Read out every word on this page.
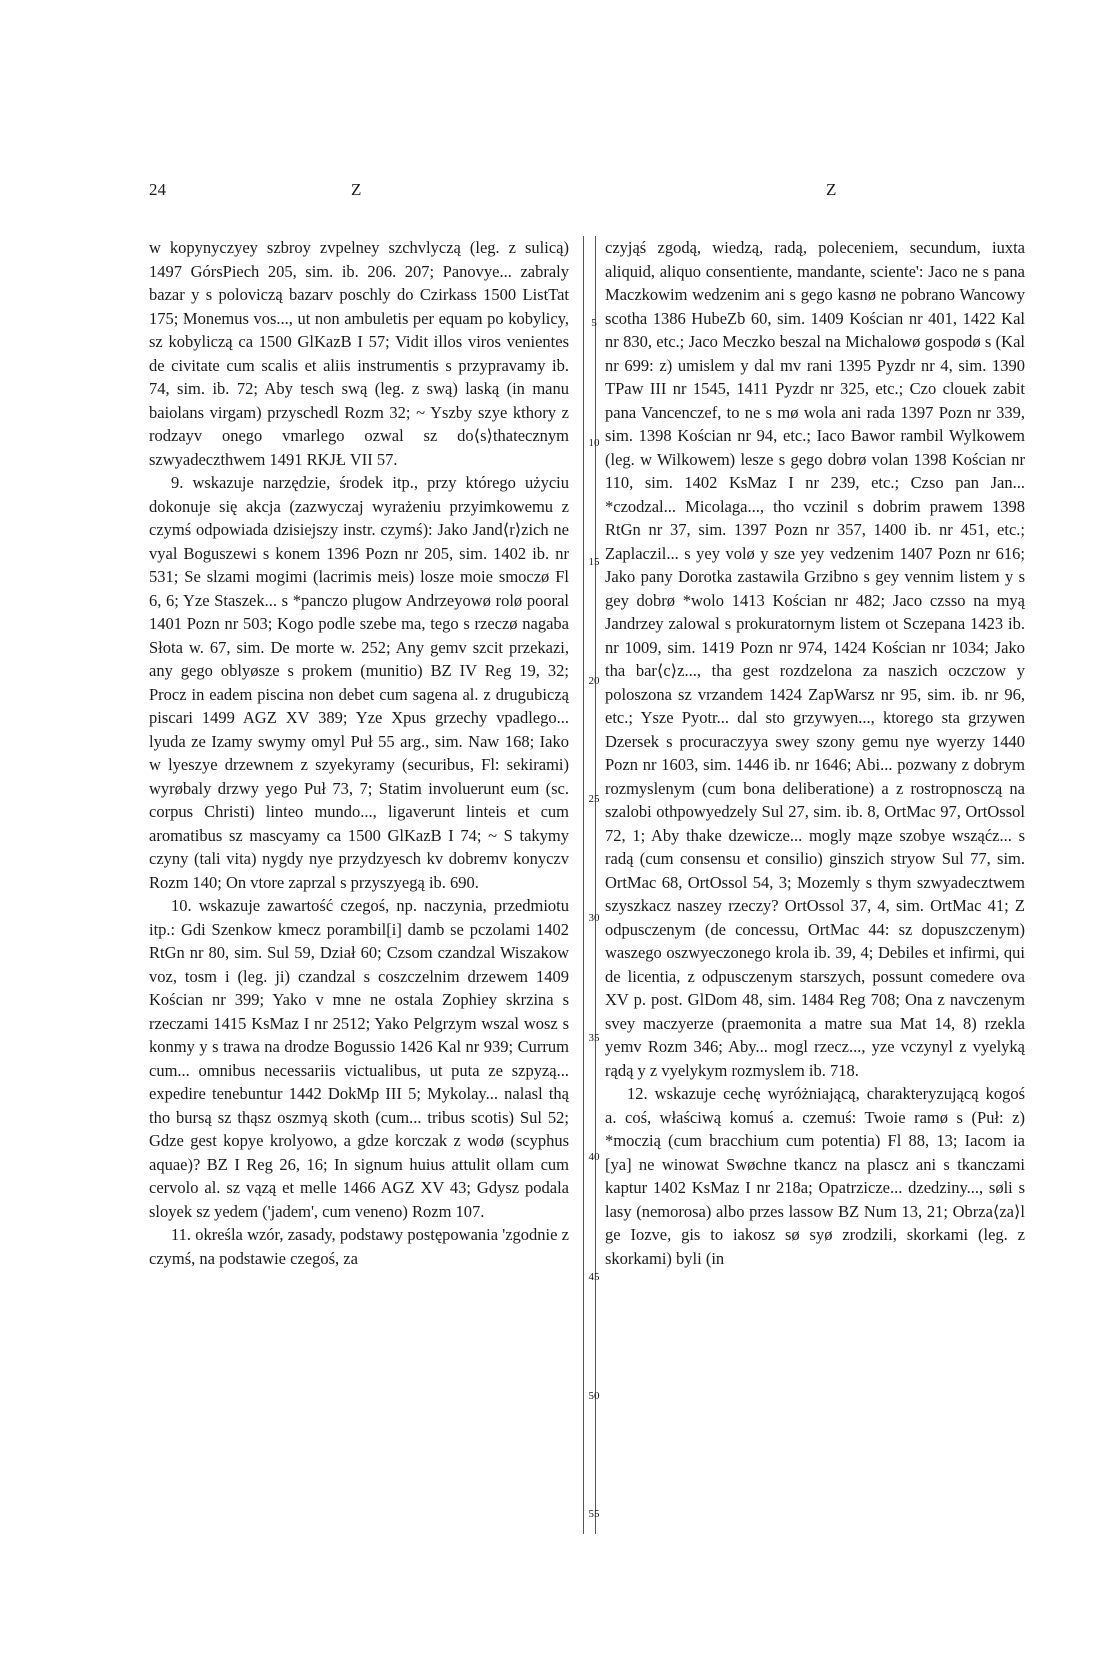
24	Z	Z

w kopynyczyey szbroy zvpelney szchvlyczą (leg. z sulicą) 1497 GórsPiech 205, sim. ib. 206. 207; Panovye... zabraly bazar y s poloviczą bazarv poschly do Czirkass 1500 ListTat 175; Monemus vos..., ut non ambuletis per equam po kobylicy, sz kobyliczą ca 1500 GlKazB I 57; Vidit illos viros venientes de civitate cum scalis et aliis instrumentis s przypravamy ib. 74, sim. ib. 72; Aby tesch swą (leg. z swą) laską (in manu baiolans virgam) przyschedl Rozm 32; ~ Yszby szye kthory z rodzayv onego vmarlego ozwal sz do⟨s⟩thatecznym szwyadeczthwem 1491 RKJŁ VII 57.

9. wskazuje narzędzie, środek itp., przy którego użyciu dokonuje się akcja (zazwyczaj wyrażeniu przyimkowemu z czymś odpowiada dzisiejszy instr. czymś): Jako Jand⟨r⟩zich ne vyal Boguszewi s konem 1396 Pozn nr 205, sim. 1402 ib. nr 531; Se slzami mogimi (lacrimis meis) losze moie smoczø Fl 6, 6; Yze Staszek... s *panczo plugow Andrzeyowø rolø pooral 1401 Pozn nr 503; Kogo podle szebe ma, tego s rzeczø nagaba Słota w. 67, sim. De morte w. 252; Any gemv szcit przekazi, any gego oblyøsze s prokem (munitio) BZ IV Reg 19, 32; Procz in eadem piscina non debet cum sagena al. z drugubiczą piscari 1499 AGZ XV 389; Yze Xpus grzechy vpadlego... lyuda ze Izamy swymy omyl Puł 55 arg., sim. Naw 168; Iako w lyeszye drzewnem z szyekyramy (securibus, Fl: sekirami) wyrøbaly drzwy yego Puł 73, 7; Statim involuerunt eum (sc. corpus Christi) linteo mundo..., ligaverunt linteis et cum aromatibus sz mascyamy ca 1500 GlKazB I 74; ~ S takymy czyny (tali vita) nygdy nye przydzyesch kv dobremv konyczv Rozm 140; On vtore zaprzal s przyszyegą ib. 690.

10. wskazuje zawartość czegoś, np. naczynia, przedmiotu itp.: Gdi Szenkow kmecz porambil[i] damb se pczolami 1402 RtGn nr 80, sim. Sul 59, Dział 60; Czsom czandzal Wiszakow voz, tosm i (leg. ji) czandzal s coszczelnim drzewem 1409 Kościan nr 399; Yako v mne ne ostala Zophiey skrzina s rzeczami 1415 KsMaz I nr 2512; Yako Pelgrzym wszal wosz s konmy y s trawa na drodze Bogussio 1426 Kal nr 939; Currum cum... omnibus necessariis victualibus, ut puta ze szpyzą... expedire tenebuntur 1442 DokMp III 5; Mykolay... nalasl thą tho bursą sz thąsz oszmyą skoth (cum... tribus scotis) Sul 52; Gdze gest kopye krolyowo, a gdze korczak z wodø (scyphus aquae)? BZ I Reg 26, 16; In signum huius attulit ollam cum cervolo al. sz vązą et melle 1466 AGZ XV 43; Gdysz podala sloyek sz yedem ('jadem', cum veneno) Rozm 107.

11. określa wzór, zasady, podstawy postępowania 'zgodnie z czymś, na podstawie czegoś, za

5
10
15
20
25
30
35
40
45
50
55

czyjąś zgodą, wiedzą, radą, poleceniem, secundum, iuxta aliquid, aliquo consentiente, mandante, sciente': Jaco ne s pana Maczkowim wedzenim ani s gego kasnø ne pobrano Wancowy scotha 1386 HubeZb 60, sim. 1409 Kościan nr 401, 1422 Kal nr 830, etc.; Jaco Meczko beszal na Michalowø gospodø s (Kal nr 699: z) umislem y dal mv rani 1395 Pyzdr nr 4, sim. 1390 TPaw III nr 1545, 1411 Pyzdr nr 325, etc.; Czo clouek zabit pana Vancenczef, to ne s mø wola ani rada 1397 Pozn nr 339, sim. 1398 Kościan nr 94, etc.; Iaco Bawor rambil Wylkowem (leg. w Wilkowem) lesze s gego dobrø volan 1398 Kościan nr 110, sim. 1402 KsMaz I nr 239, etc.; Czso pan Jan... *czodzal... Micolaga..., tho vczinil s dobrim prawem 1398 RtGn nr 37, sim. 1397 Pozn nr 357, 1400 ib. nr 451, etc.; Zaplaczil... s yey volø y sze yey vedzenim 1407 Pozn nr 616; Jako pany Dorotka zastawila Grzibno s gey vennim listem y s gey dobrø *wolo 1413 Kościan nr 482; Jaco czsso na myą Jandrzey zalowal s prokuratornym listem ot Sczepana 1423 ib. nr 1009, sim. 1419 Pozn nr 974, 1424 Kościan nr 1034; Jako tha bar⟨c⟩z..., tha gest rozdzelona za naszich oczczow y poloszona sz vrzandem 1424 ZapWarsz nr 95, sim. ib. nr 96, etc.; Ysze Pyotr... dal sto grzywyen..., ktorego sta grzywen Dzersek s procuraczyya swey szony gemu nye wyerzy 1440 Pozn nr 1603, sim. 1446 ib. nr 1646; Abi... pozwany z dobrym rozmyslenym (cum bona deliberatione) a z rostropnosczą na szalobi othpowyedzely Sul 27, sim. ib. 8, OrtMac 97, OrtOssol 72, 1; Aby thake dzewicze... mogly mąze szobye wsząćz... s radą (cum consensu et consilio) ginszich stryow Sul 77, sim. OrtMac 68, OrtOssol 54, 3; Mozemly s thym szwyadecztwem szyszkacz naszey rzeczy? OrtOssol 37, 4, sim. OrtMac 41; Z odpusczenym (de concessu, OrtMac 44: sz dopuszczenym) waszego oszwyeczonego krola ib. 39, 4; Debiles et infirmi, qui de licentia, z odpusczenym starszych, possunt comedere ova XV p. post. GlDom 48, sim. 1484 Reg 708; Ona z navczenym svey maczyerze (praemonita a matre sua Mat 14, 8) rzekla yemv Rozm 346; Aby... mogl rzecz..., yze vczynyl z vyelyką rądą y z vyelykym rozmyslem ib. 718.

12. wskazuje cechę wyróżniającą, charakteryzującą kogoś a. coś, właściwą komuś a. czemuś: Twoie ramø s (Puł: z) *moczią (cum bracchium cum potentia) Fl 88, 13; Iacom ia [ya] ne winowat Swøchne tkancz na plascz ani s tkanczami kaptur 1402 KsMaz I nr 218a; Opatrzicze... dzedziny..., søli s lasy (nemorosa) albo przes lassow BZ Num 13, 21; Obrza⟨za⟩l ge Iozve, gis to iakosz sø syø zrodzili, skorkami (leg. z skorkami) byli (in
